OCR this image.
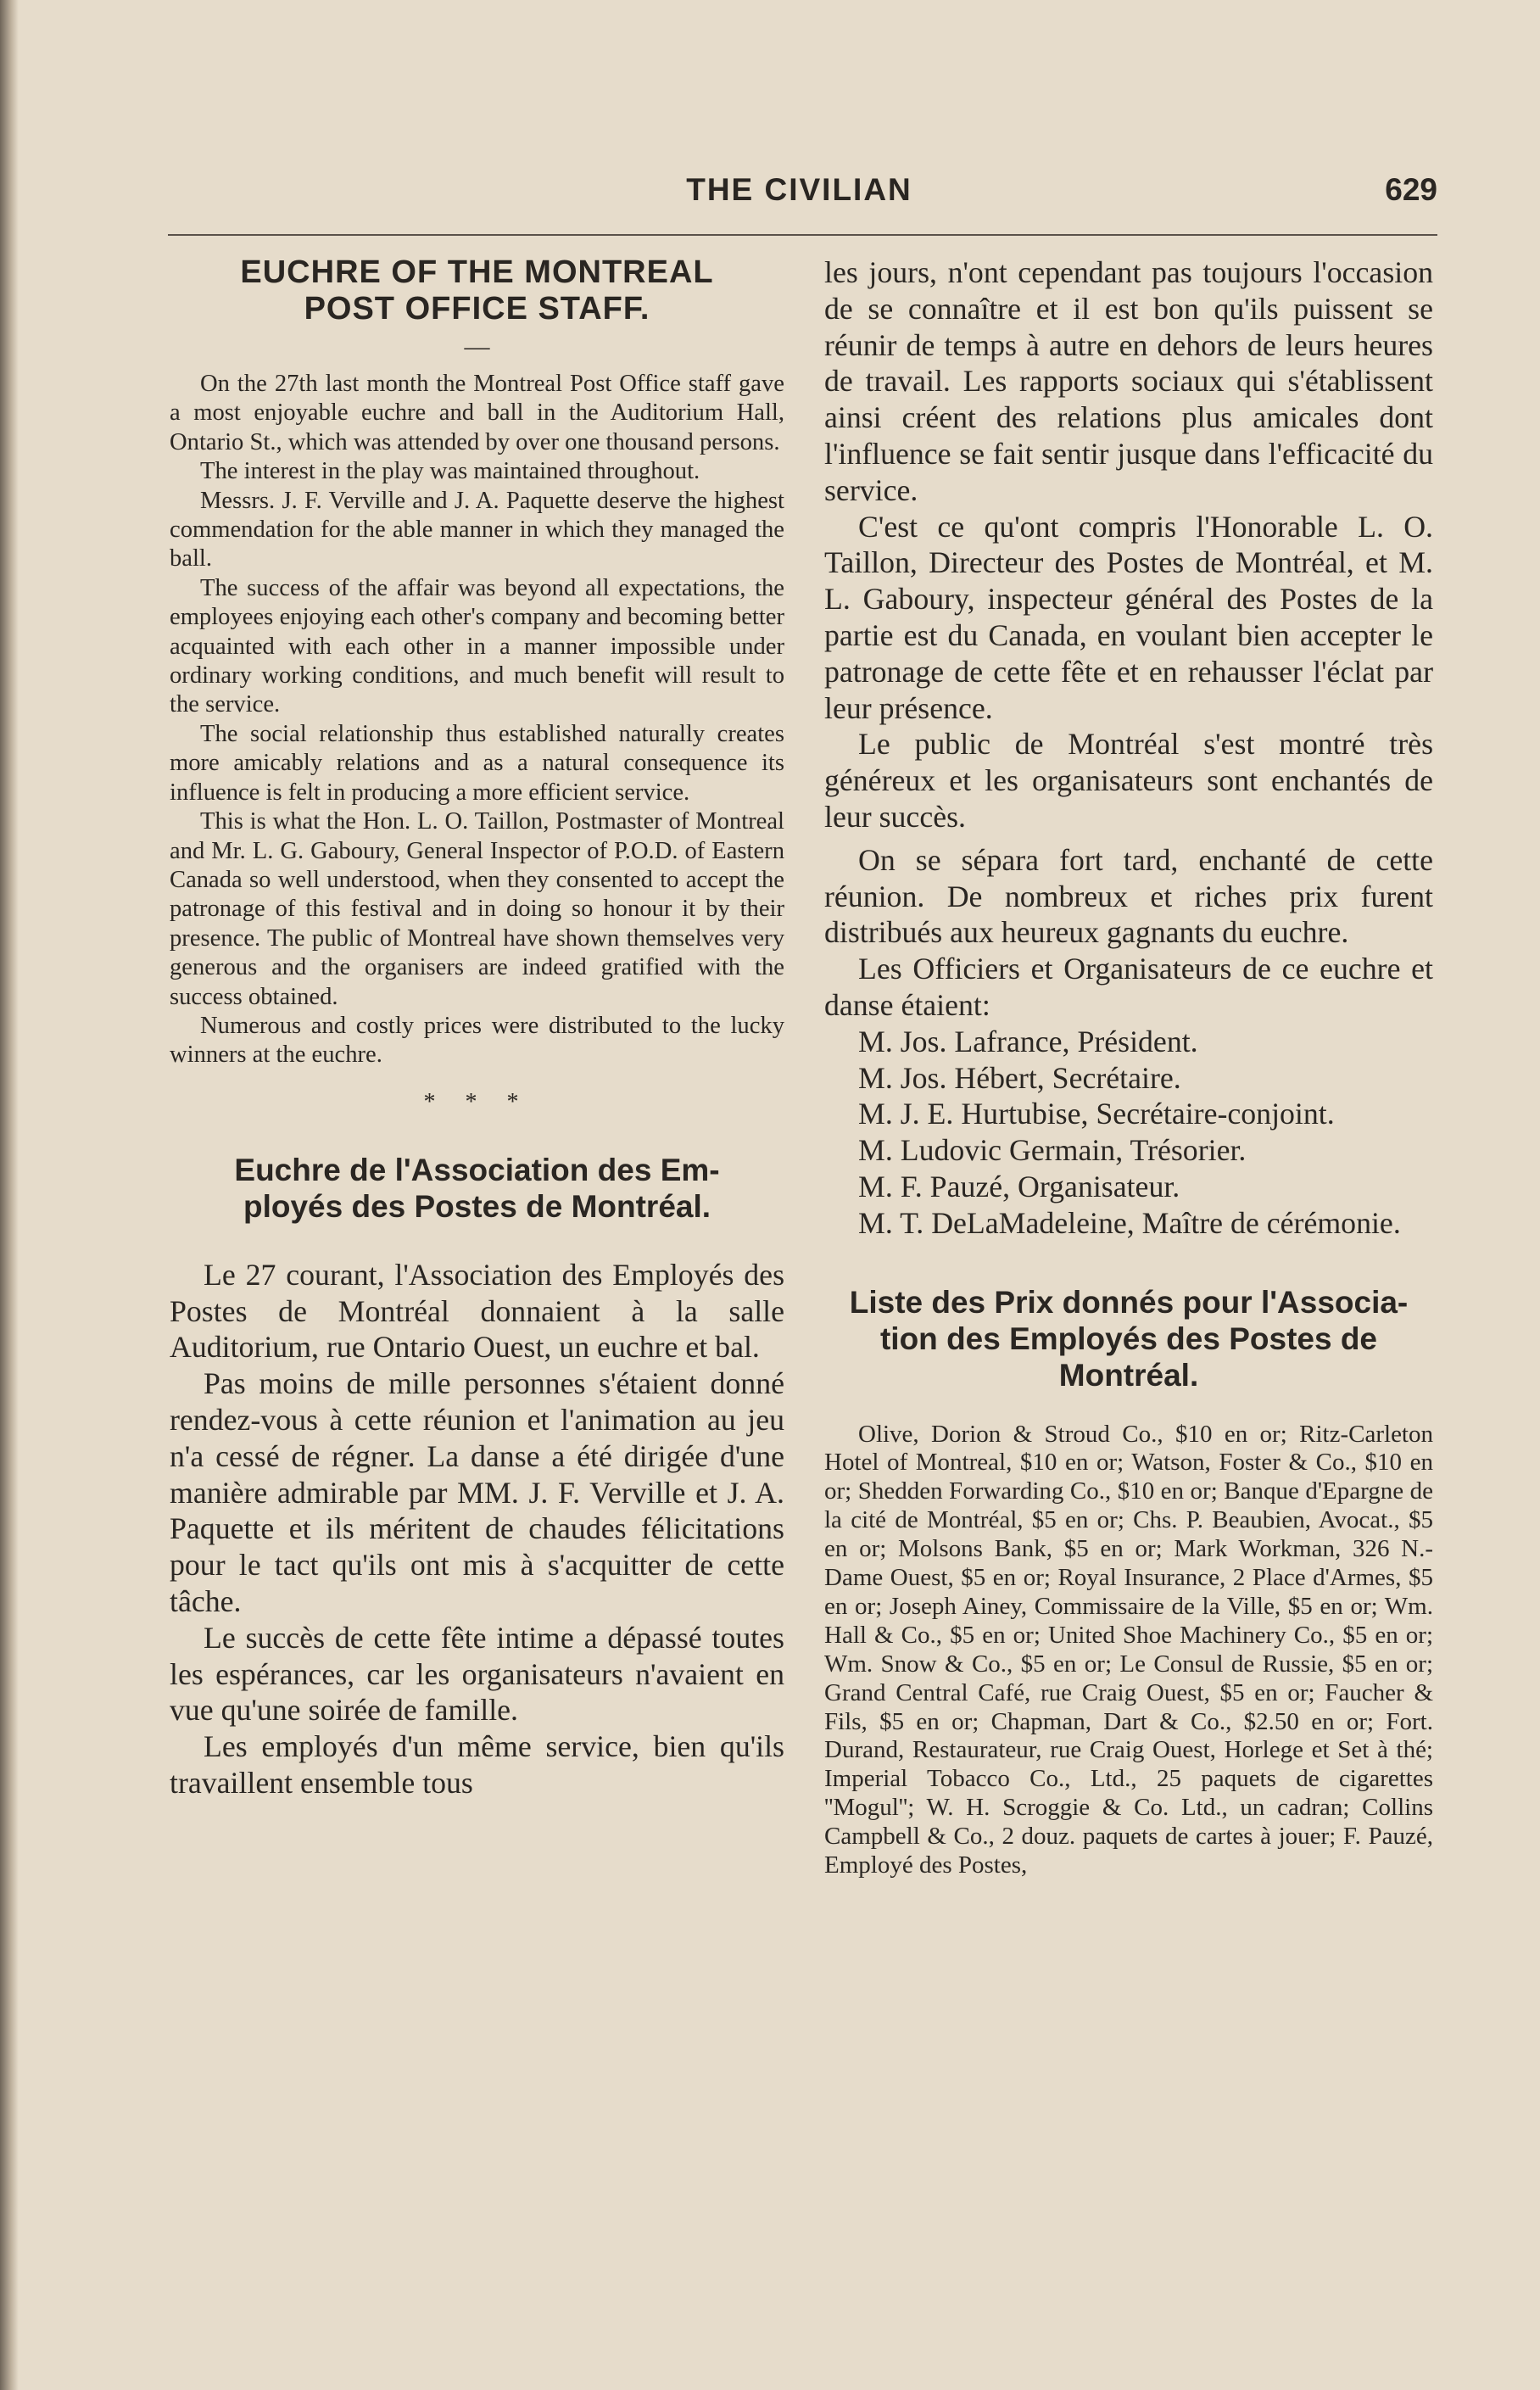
THE CIVILIAN	629
EUCHRE OF THE MONTREAL
POST OFFICE STAFF.
—

On the 27th last month the Montreal Post Office staff gave a most enjoyable euchre and ball in the Auditorium Hall, Ontario St., which was attended by over one thousand persons.

The interest in the play was maintained throughout.

Messrs. J. F. Verville and J. A. Paquette deserve the highest commendation for the able manner in which they managed the ball.

The success of the affair was beyond all expectations, the employees enjoying each other's company and becoming better acquainted with each other in a manner impossible under ordinary working conditions, and much benefit will result to the service.

The social relationship thus established naturally creates more amicably relations and as a natural consequence its influence is felt in producing a more efficient service.

This is what the Hon. L. O. Taillon, Postmaster of Montreal and Mr. L. G. Gaboury, General Inspector of P.O.D. of Eastern Canada so well understood, when they consented to accept the patronage of this festival and in doing so honour it by their presence. The public of Montreal have shown themselves very generous and the organisers are indeed gratified with the success obtained.

Numerous and costly prices were distributed to the lucky winners at the euchre.

* * *
Euchre de l'Association des Em-
ployés des Postes de Montréal.

Le 27 courant, l'Association des Employés des Postes de Montréal donnaient à la salle Auditorium, rue Ontario Ouest, un euchre et bal.

Pas moins de mille personnes s'étaient donné rendez-vous à cette réunion et l'animation au jeu n'a cessé de régner. La danse a été dirigée d'une manière admirable par MM. J. F. Verville et J. A. Paquette et ils méritent de chaudes félicitations pour le tact qu'ils ont mis à s'acquitter de cette tâche.

Le succès de cette fête intime a dépassé toutes les espérances, car les organisateurs n'avaient en vue qu'une soirée de famille.

Les employés d'un même service, bien qu'ils travaillent ensemble tous

les jours, n'ont cependant pas toujours l'occasion de se connaître et il est bon qu'ils puissent se réunir de temps à autre en dehors de leurs heures de travail. Les rapports sociaux qui s'établissent ainsi créent des relations plus amicales dont l'influence se fait sentir jusque dans l'efficacité du service.

C'est ce qu'ont compris l'Honorable L. O. Taillon, Directeur des Postes de Montréal, et M. L. Gaboury, inspecteur général des Postes de la partie est du Canada, en voulant bien accepter le patronage de cette fête et en rehausser l'éclat par leur présence.

Le public de Montréal s'est montré très généreux et les organisateurs sont enchantés de leur succès.

On se sépara fort tard, enchanté de cette réunion. De nombreux et riches prix furent distribués aux heureux gagnants du euchre.

Les Officiers et Organisateurs de ce euchre et danse étaient:

M. Jos. Lafrance, Président.

M. Jos. Hébert, Secrétaire.

M. J. E. Hurtubise, Secrétaire-conjoint.

M. Ludovic Germain, Trésorier.

M. F. Pauzé, Organisateur.

M. T. DeLaMadeleine, Maître de cérémonie.

Liste des Prix donnés pour l'Associa-
tion des Employés des Postes de
Montréal.

Olive, Dorion & Stroud Co., $10 en or; Ritz-Carleton Hotel of Montreal, $10 en or; Watson, Foster & Co., $10 en or; Shedden Forwarding Co., $10 en or; Banque d'Epargne de la cité de Montréal, $5 en or; Chs. P. Beaubien, Avocat., $5 en or; Molsons Bank, $5 en or; Mark Workman, 326 N.-Dame Ouest, $5 en or; Royal Insurance, 2 Place d'Armes, $5 en or; Joseph Ainey, Commissaire de la Ville, $5 en or; Wm. Hall & Co., $5 en or; United Shoe Machinery Co., $5 en or; Wm. Snow & Co., $5 en or; Le Consul de Russie, $5 en or; Grand Central Café, rue Craig Ouest, $5 en or; Faucher & Fils, $5 en or; Chapman, Dart & Co., $2.50 en or; Fort. Durand, Restaurateur, rue Craig Ouest, Horlege et Set à thé; Imperial Tobacco Co., Ltd., 25 paquets de cigarettes ''Mogul''; W. H. Scroggie & Co. Ltd., un cadran; Collins Campbell & Co., 2 douz. paquets de cartes à jouer; F. Pauzé, Employé des Postes,
